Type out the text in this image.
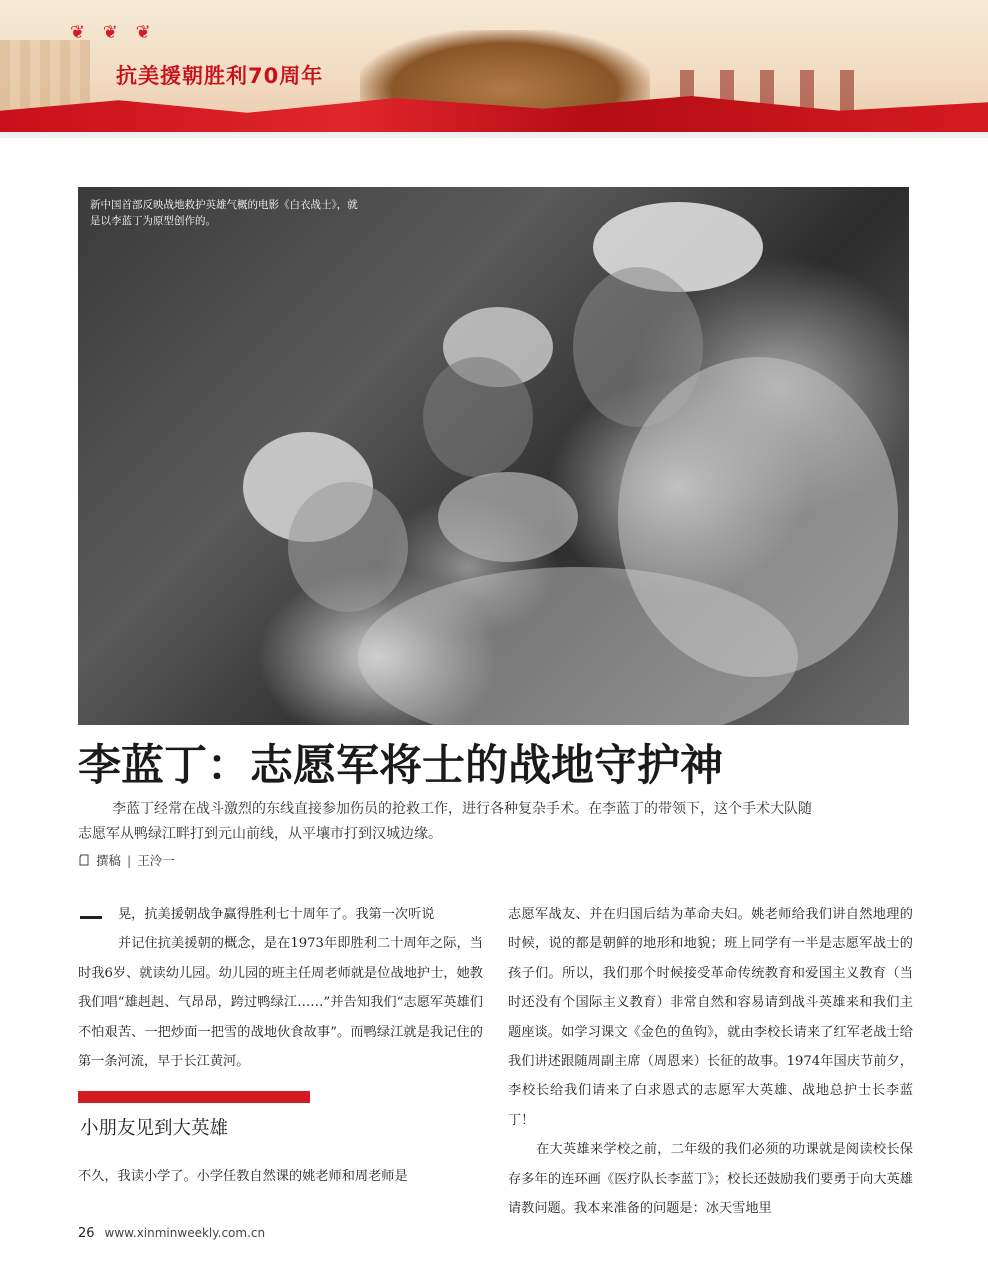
❦ ❦ ❦
抗美援朝胜利70周年
新中国首部反映战地救护英雄气概的电影《白衣战士》，就是以李蓝丁为原型创作的。
李蓝丁：志愿军将士的战地守护神

李蓝丁经常在战斗激烈的东线直接参加伤员的抢救工作，进行各种复杂手术。在李蓝丁的带领下，这个手术大队随志愿军从鸭绿江畔打到元山前线，从平壤市打到汉城边缘。

撰稿 | 王泠一

晃，抗美援朝战争赢得胜利七十周年了。我第一次听说

并记住抗美援朝的概念，是在1973年即胜利二十周年之际，当时我6岁、就读幼儿园。幼儿园的班主任周老师就是位战地护士，她教我们唱“雄赳赳、气昂昂，跨过鸭绿江……”并告知我们“志愿军英雄们不怕艰苦、一把炒面一把雪的战地伙食故事”。而鸭绿江就是我记住的第一条河流，早于长江黄河。

小朋友见到大英雄

不久，我读小学了。小学任教自然课的姚老师和周老师是

志愿军战友、并在归国后结为革命夫妇。姚老师给我们讲自然地理的时候，说的都是朝鲜的地形和地貌；班上同学有一半是志愿军战士的孩子们。所以，我们那个时候接受革命传统教育和爱国主义教育（当时还没有个国际主义教育）非常自然和容易请到战斗英雄来和我们主题座谈。如学习课文《金色的鱼钩》，就由李校长请来了红军老战士给我们讲述跟随周副主席（周恩来）长征的故事。1974年国庆节前夕，李校长给我们请来了白求恩式的志愿军大英雄、战地总护士长李蓝丁！

在大英雄来学校之前，二年级的我们必须的功课就是阅读校长保存多年的连环画《医疗队长李蓝丁》；校长还鼓励我们要勇于向大英雄请教问题。我本来准备的问题是：冰天雪地里

26 www.xinminweekly.com.cn
